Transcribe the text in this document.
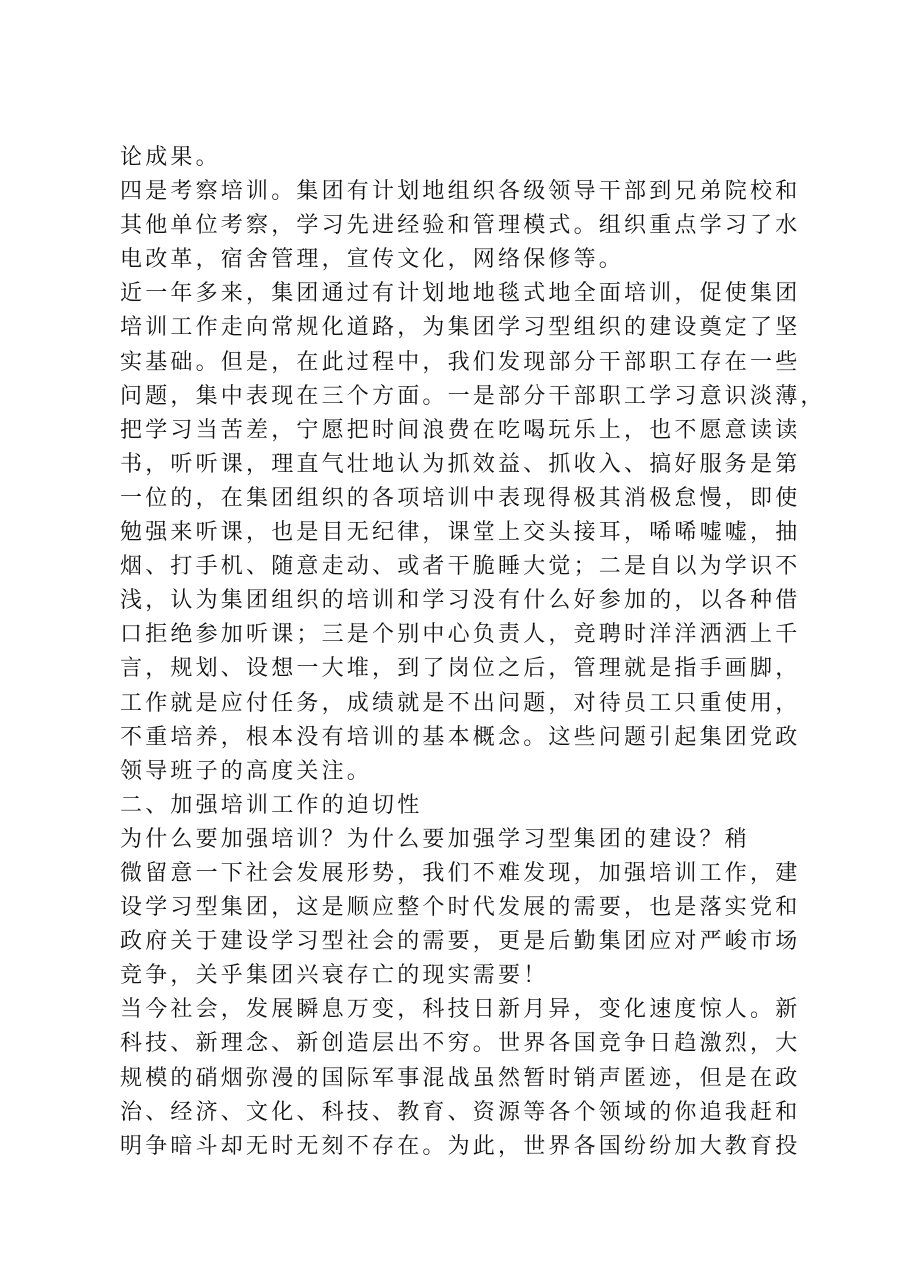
论成果。
四是考察培训。集团有计划地组织各级领导干部到兄弟院校和
其他单位考察，学习先进经验和管理模式。组织重点学习了水
电改革，宿舍管理，宣传文化，网络保修等。
近一年多来，集团通过有计划地地毯式地全面培训，促使集团
培训工作走向常规化道路，为集团学习型组织的建设奠定了坚
实基础。但是，在此过程中，我们发现部分干部职工存在一些
问题，集中表现在三个方面。一是部分干部职工学习意识淡薄，
把学习当苦差，宁愿把时间浪费在吃喝玩乐上，也不愿意读读
书，听听课，理直气壮地认为抓效益、抓收入、搞好服务是第
一位的，在集团组织的各项培训中表现得极其消极怠慢，即使
勉强来听课，也是目无纪律，课堂上交头接耳，唏唏嘘嘘，抽
烟、打手机、随意走动、或者干脆睡大觉；二是自以为学识不
浅，认为集团组织的培训和学习没有什么好参加的，以各种借
口拒绝参加听课；三是个别中心负责人，竞聘时洋洋洒洒上千
言，规划、设想一大堆，到了岗位之后，管理就是指手画脚，
工作就是应付任务，成绩就是不出问题，对待员工只重使用，
不重培养，根本没有培训的基本概念。这些问题引起集团党政
领导班子的高度关注。
二、加强培训工作的迫切性
为什么要加强培训？为什么要加强学习型集团的建设？稍
微留意一下社会发展形势，我们不难发现，加强培训工作，建
设学习型集团，这是顺应整个时代发展的需要，也是落实党和
政府关于建设学习型社会的需要，更是后勤集团应对严峻市场
竞争，关乎集团兴衰存亡的现实需要！
当今社会，发展瞬息万变，科技日新月异，变化速度惊人。新
科技、新理念、新创造层出不穷。世界各国竞争日趋激烈，大
规模的硝烟弥漫的国际军事混战虽然暂时销声匿迹，但是在政
治、经济、文化、科技、教育、资源等各个领域的你追我赶和
明争暗斗却无时无刻不存在。为此，世界各国纷纷加大教育投
